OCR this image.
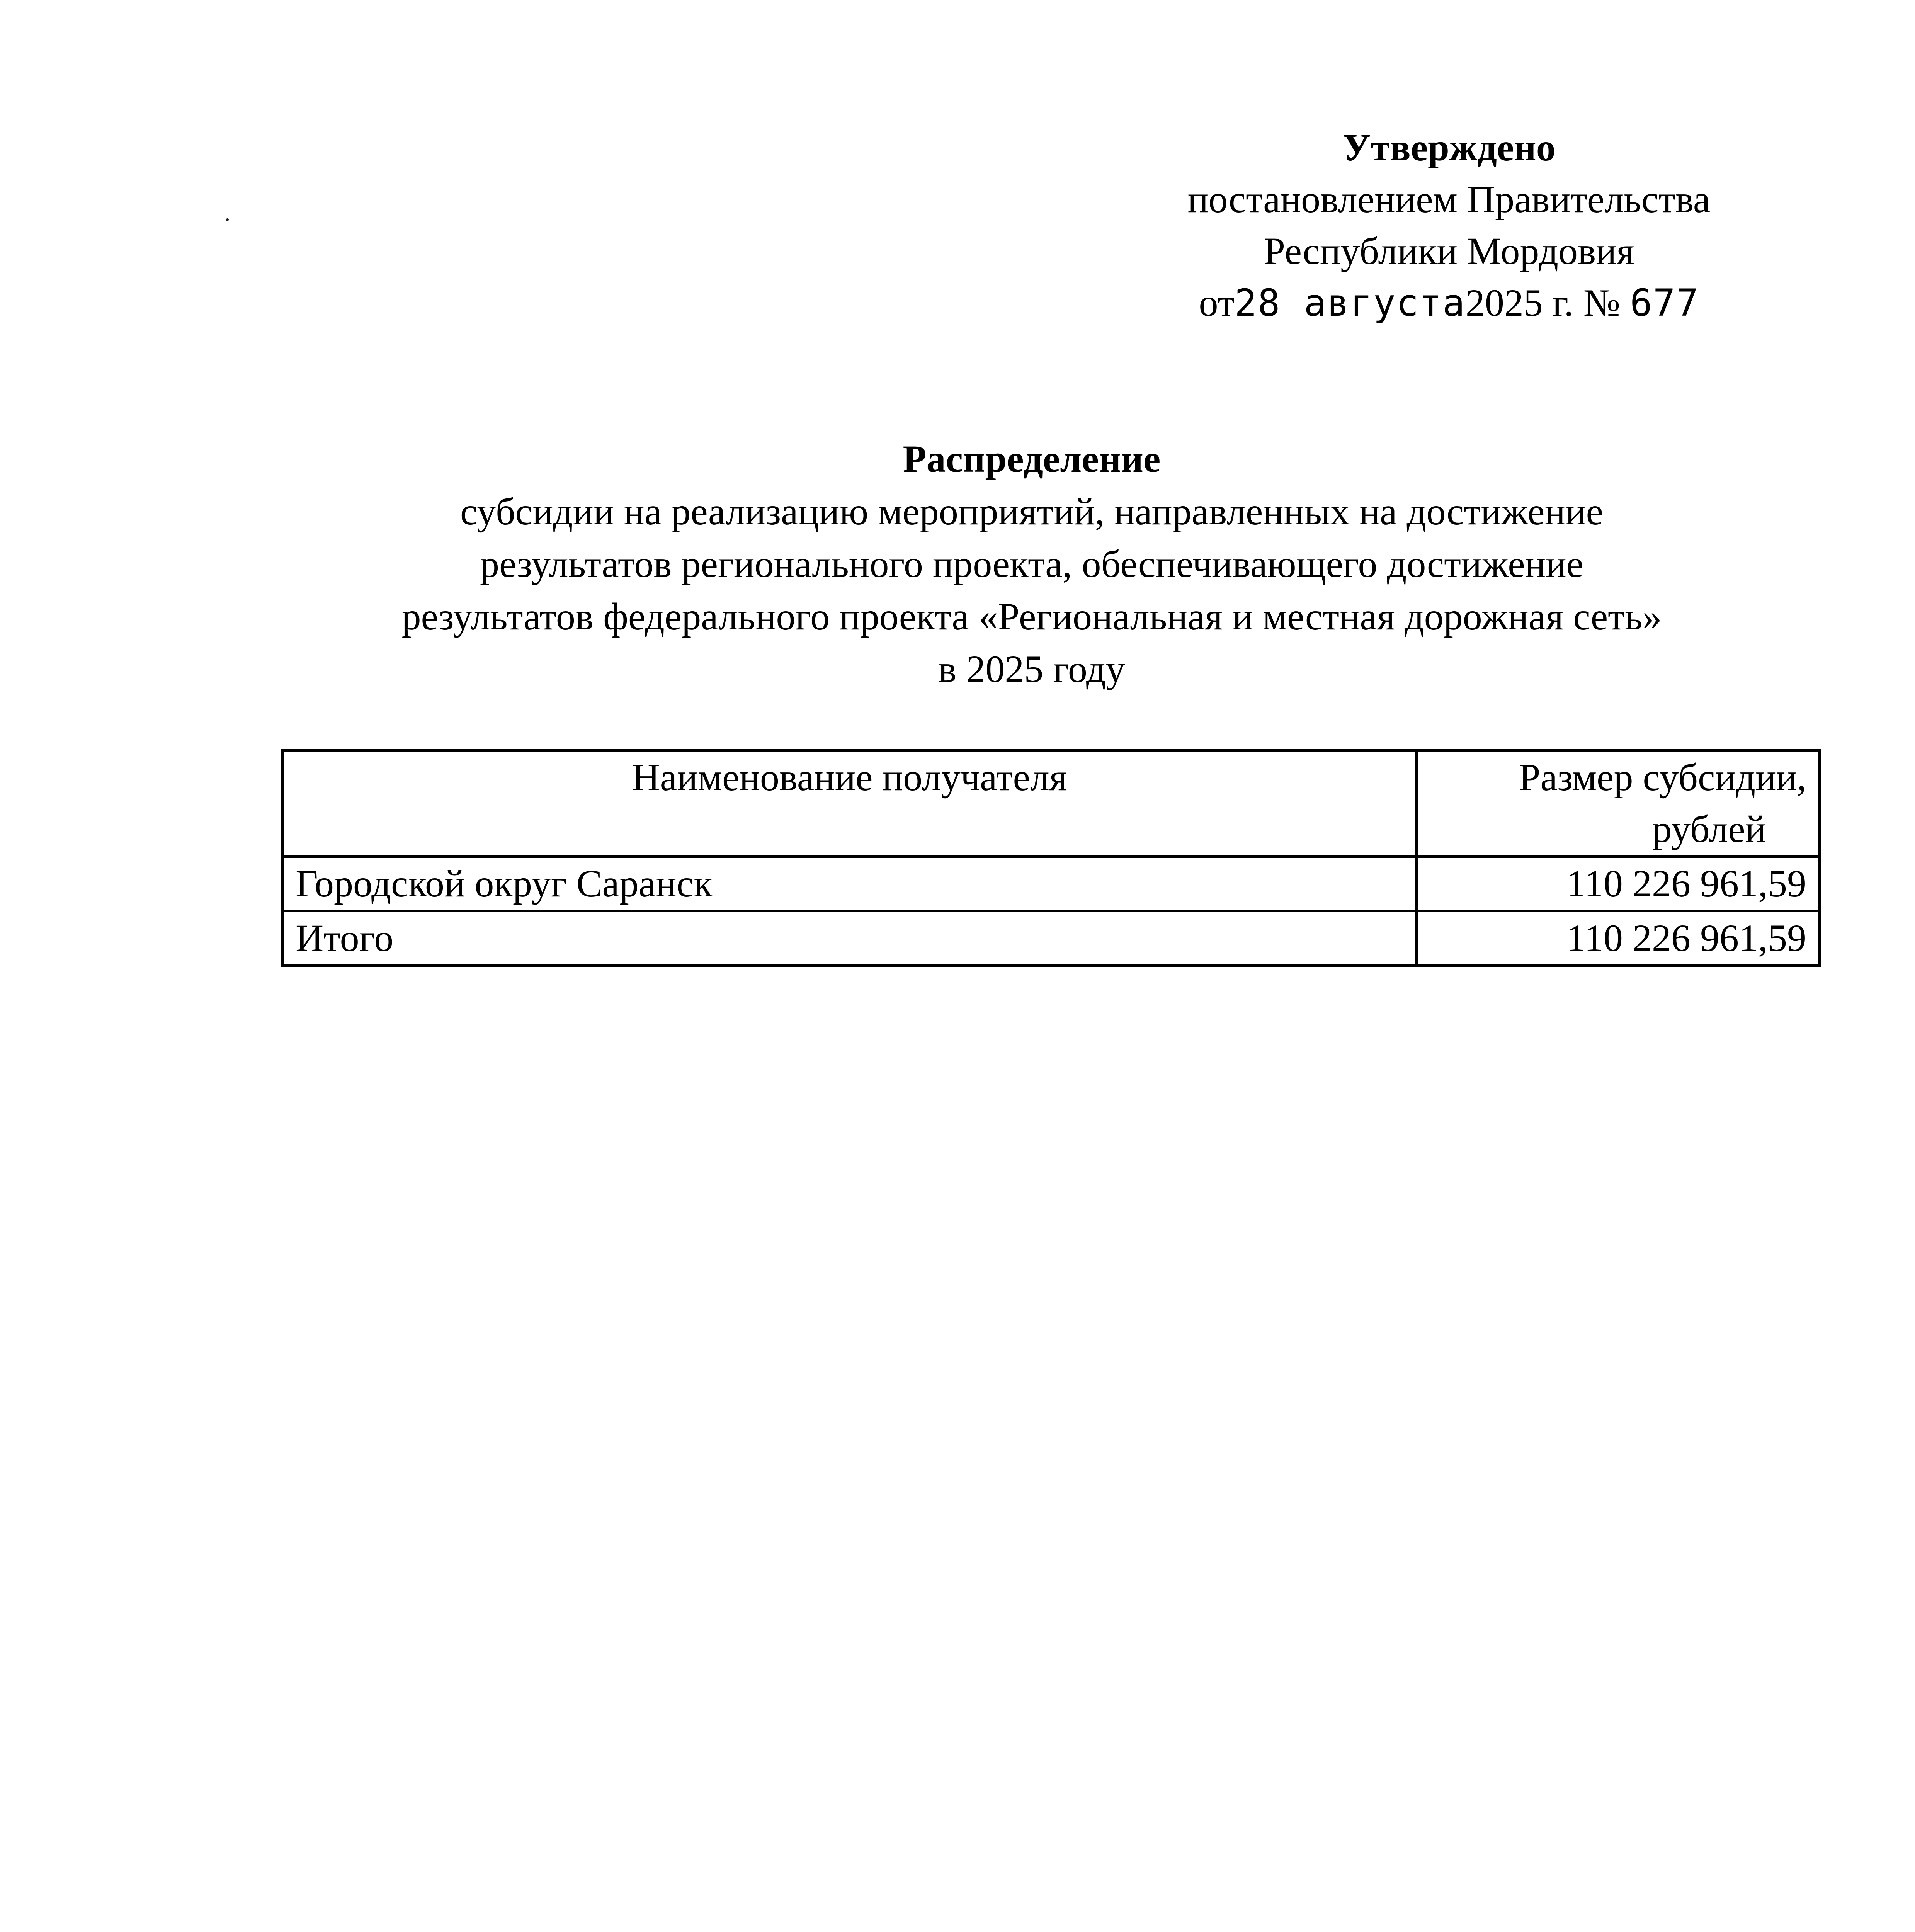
Утверждено
постановлением Правительства
Республики Мордовия
от28 августа2025 г. № 677
Распределение
субсидии на реализацию мероприятий, направленных на достижение
результатов регионального проекта, обеспечивающего достижение
результатов федерального проекта «Региональная и местная дорожная сеть»
в 2025 году
Наименование получателя	Размер субсидии,
рублей

Городской округ Саранск	110 226 961,59
Итого	110 226 961,59
